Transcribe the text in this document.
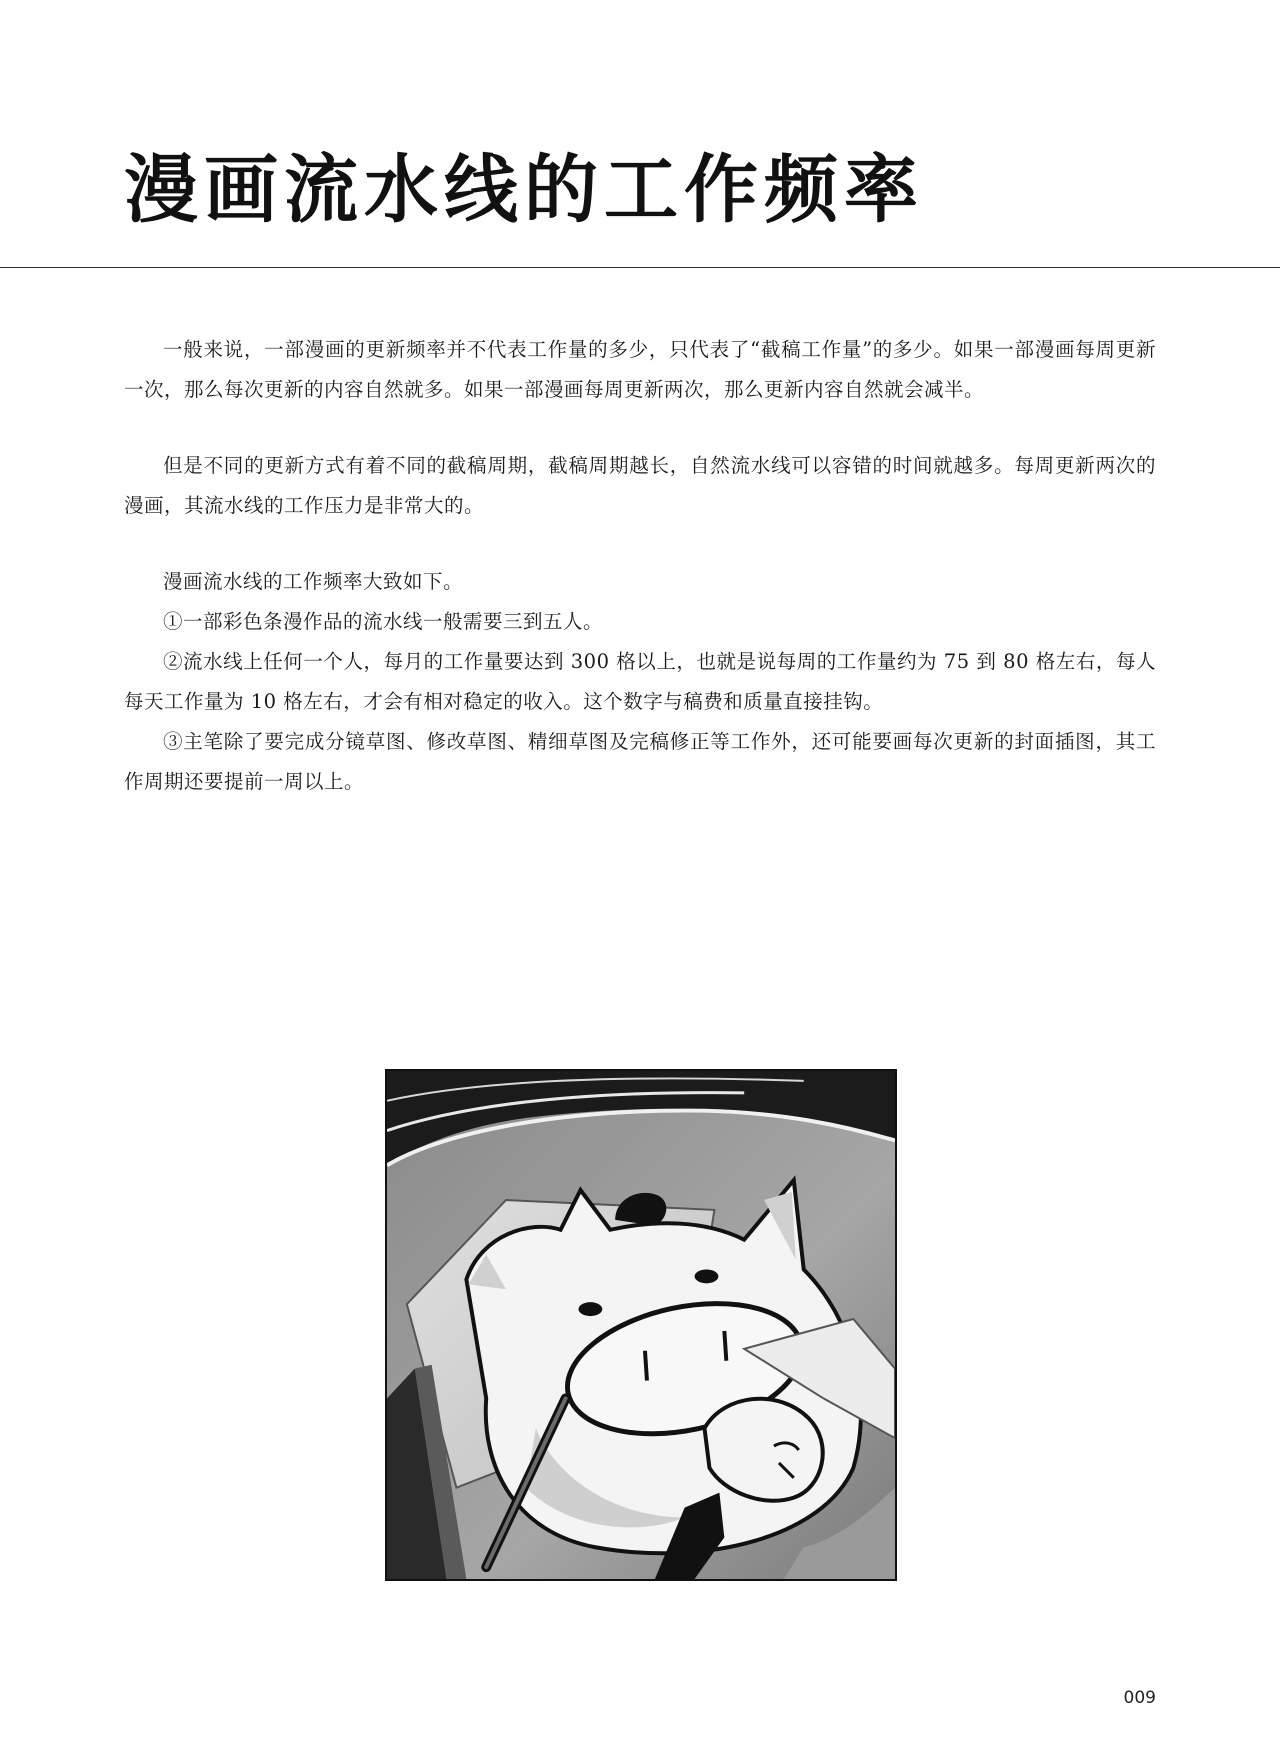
漫画流水线的工作频率

一般来说，一部漫画的更新频率并不代表工作量的多少，只代表了“截稿工作量”的多少。如果一部漫画每周更新一次，那么每次更新的内容自然就多。如果一部漫画每周更新两次，那么更新内容自然就会减半。

但是不同的更新方式有着不同的截稿周期，截稿周期越长，自然流水线可以容错的时间就越多。每周更新两次的漫画，其流水线的工作压力是非常大的。

漫画流水线的工作频率大致如下。

①一部彩色条漫作品的流水线一般需要三到五人。

②流水线上任何一个人，每月的工作量要达到 300 格以上，也就是说每周的工作量约为 75 到 80 格左右，每人每天工作量为 10 格左右，才会有相对稳定的收入。这个数字与稿费和质量直接挂钩。

③主笔除了要完成分镜草图、修改草图、精细草图及完稿修正等工作外，还可能要画每次更新的封面插图，其工作周期还要提前一周以上。

009
